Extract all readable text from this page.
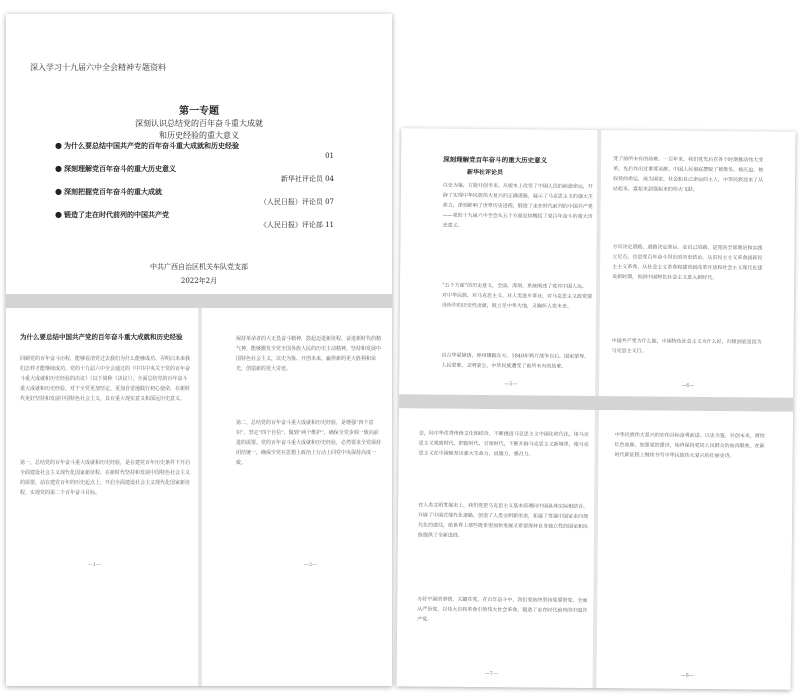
深入学习十九届六中全会精神专题资料
第一专题
深刻认识总结党的百年奋斗重大成就
和历史经验的重大意义
● 为什么要总结中国共产党的百年奋斗重大成就和历史经验
01
● 深刻理解党百年奋斗的重大历史意义
新华社评论员 04
● 深刻把握党百年奋斗的重大成就
（人民日报）评论员 07
● 锻造了走在时代前列的中国共产党
《人民日报》评论部 11
中共广西自治区机关车队党支部
2022年2月
为什么要总结中国共产党的百年奋斗重大成就和历史经验
回顾党的百年奋斗历程，能够看清党过去我们为什么能够成功、弄明白未来我们怎样才能继续成功。党的十九届六中全会通过的《中共中央关于党的百年奋斗重大成就和历史经验的决议》（以下简称《决议》），全面总结党的百年奋斗重大成就和历史经验，对于全党更加坚定、更加自觉地践行初心使命，在新时代更好坚持和发展中国特色社会主义，具有重大现实意义和深远历史意义。
第一，总结党的百年奋斗重大成就和历史经验，是在建党百年历史条件下开启全面建设社会主义现代化国家新征程、在新时代坚持和发展中国特色社会主义的需要。站在建党百年的历史起点上，开启全面建设社会主义现代化国家新征程，实现党的第二个百年奋斗目标。
—1—
保持革命者的大无畏奋斗精神，鼓起迈进新征程、奋进新时代的精气神，能够激发全党全国各族人民的历史主动精神，坚持和发展中国特色社会主义，以史为鉴、开创未来，赢得新的更大胜利和荣光，创造新的更大奇迹。
第二，总结党的百年奋斗重大成就和历史经验，是增强“四个意识”、坚定“四个自信”、做到“两个维护”，确保全党步调一致向前进的需要。党的百年奋斗重大成就和历史经验，必然要求全党保持团结统一，确保全党在思想上政治上行动上同党中央保持高度一致。
—2—
深刻理解党百年奋斗的重大历史意义
新华社评论员
以史为鉴，方能开创未来。从根本上改变了中国人民的前途命运，开辟了实现中华民族伟大复兴的正确道路，展示了马克思主义的强大生命力，深刻影响了世界历史进程，锻造了走在时代前列的中国共产党——党的十九届六中全会从五个方面总结概括了党百年奋斗的重大历史意义。
“五个方面”的历史意义，全面、深刻、系统阐述了党对中国人民、对中华民族、对马克思主义、对人类进步事业、对马克思主义政党建设所作的历史性贡献，既立足中华大地，又胸怀人类未来。
自古华夏锦绣，神州雄踞东方。1840年鸦片战争以后，国家蒙辱、人民蒙难、文明蒙尘，中华民族遭受了前所未有的劫难。
—5—
受了前所未有的劫难。一百年来，我们党先后在各个时期推动伟大变革，先后作出过重要贡献。中国人民彻底摆脱了被欺负、被压迫、被奴役的命运，成为国家、社会和自己命运的主人，中华民族迎来了从站起来、富起来到强起来的伟大飞跃。
方向决定道路，道路决定命运。走自己的路，是党的全部理论和实践立足点，也是党百年奋斗得出的历史结论。从旧民主主义革命到新民主主义革命，从社会主义革命和建设到改革开放和社会主义现代化建设新时期，再到中国特色社会主义进入新时代。
中国共产党为什么能，中国特色社会主义为什么好，归根到底是因为马克思主义行。
—6—
会，同中华优秀传统文化相结合，不断推进马克思主义中国化时代化，用马克思主义观察时代、把握时代、引领时代，不断开辟马克思主义新境界，使马克思主义在中国焕发出强大生命力、说服力、感召力。
在人类文明发展史上，我们党把马克思主义基本原理同中国具体实际相结合，开辟了中国式现代化道路，创造了人类文明新形态，拓展了发展中国家走向现代化的途径，给世界上那些既希望加快发展又希望保持自身独立性的国家和民族提供了全新选择。
办好中国的事情，关键在党。在百年奋斗中，我们党始终坚持党要管党、全面从严治党，以伟大自我革命引领伟大社会革命，锻造了走在时代前列的中国共产党。
—7—
中华民族伟大复兴的宏伟目标奋勇前进。以史为鉴，开创未来，赓续红色血脉，加强党的建设，始终保持党同人民群众的血肉联系，在新时代新征程上继续书写中华民族伟大复兴的壮丽史诗。
—8—
